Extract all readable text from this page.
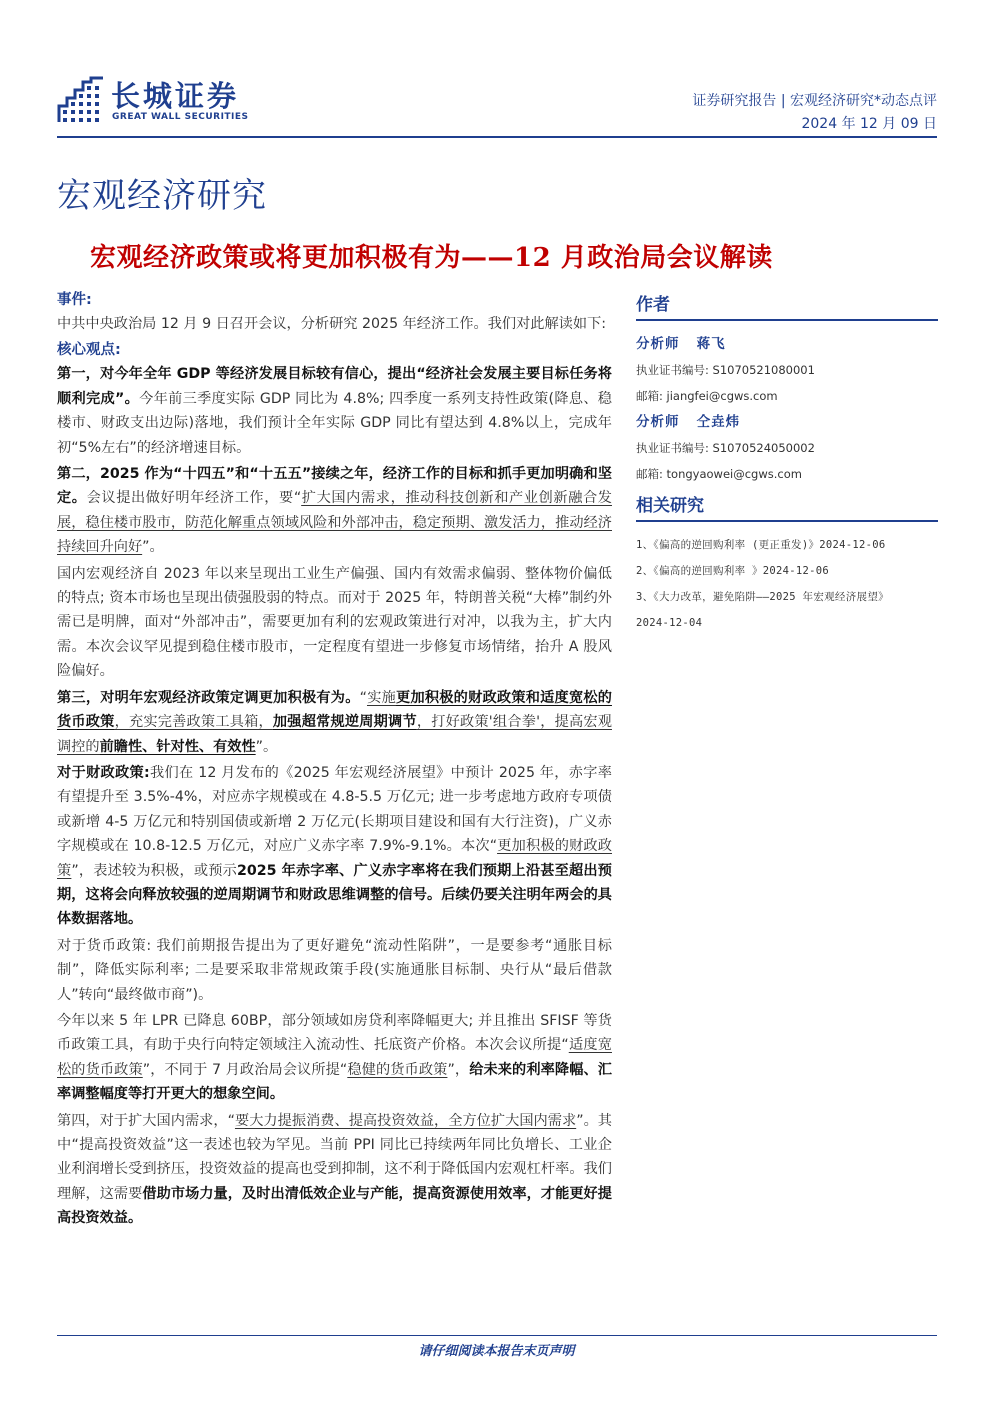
长城证券
GREAT WALL SECURITIES
证券研究报告 | 宏观经济研究*动态点评
2024 年 12 月 09 日
宏观经济研究
宏观经济政策或将更加积极有为——12 月政治局会议解读
事件:

中共中央政治局 12 月 9 日召开会议，分析研究 2025 年经济工作。我们对此解读如下:

核心观点:

第一，对今年全年 GDP 等经济发展目标较有信心，提出“经济社会发展主要目标任务将顺利完成”。今年前三季度实际 GDP 同比为 4.8%; 四季度一系列支持性政策(降息、稳楼市、财政支出边际)落地，我们预计全年实际 GDP 同比有望达到 4.8%以上，完成年初“5%左右”的经济增速目标。

第二，2025 作为“十四五”和“十五五”接续之年，经济工作的目标和抓手更加明确和坚定。会议提出做好明年经济工作，要“扩大国内需求，推动科技创新和产业创新融合发展，稳住楼市股市，防范化解重点领域风险和外部冲击，稳定预期、激发活力，推动经济持续回升向好”。

国内宏观经济自 2023 年以来呈现出工业生产偏强、国内有效需求偏弱、整体物价偏低的特点; 资本市场也呈现出债强股弱的特点。而对于 2025 年，特朗普关税“大棒”制约外需已是明牌，面对“外部冲击”，需要更加有利的宏观政策进行对冲，以我为主，扩大内需。本次会议罕见提到稳住楼市股市，一定程度有望进一步修复市场情绪，抬升 A 股风险偏好。

第三，对明年宏观经济政策定调更加积极有为。“实施更加积极的财政政策和适度宽松的货币政策，充实完善政策工具箱，加强超常规逆周期调节，打好政策'组合拳'，提高宏观调控的前瞻性、针对性、有效性”。

对于财政政策:我们在 12 月发布的《2025 年宏观经济展望》中预计 2025 年，赤字率有望提升至 3.5%-4%，对应赤字规模或在 4.8-5.5 万亿元; 进一步考虑地方政府专项债或新增 4-5 万亿元和特别国债或新增 2 万亿元(长期项目建设和国有大行注资)，广义赤字规模或在 10.8-12.5 万亿元，对应广义赤字率 7.9%-9.1%。本次“更加积极的财政政策”，表述较为积极，或预示2025 年赤字率、广义赤字率将在我们预期上沿甚至超出预期，这将会向释放较强的逆周期调节和财政思维调整的信号。后续仍要关注明年两会的具体数据落地。

对于货币政策: 我们前期报告提出为了更好避免“流动性陷阱”，一是要参考“通胀目标制”，降低实际利率; 二是要采取非常规政策手段(实施通胀目标制、央行从“最后借款人”转向“最终做市商”)。

今年以来 5 年 LPR 已降息 60BP，部分领域如房贷利率降幅更大; 并且推出 SFISF 等货币政策工具，有助于央行向特定领域注入流动性、托底资产价格。本次会议所提“适度宽松的货币政策”，不同于 7 月政治局会议所提“稳健的货币政策”，给未来的利率降幅、汇率调整幅度等打开更大的想象空间。

第四，对于扩大国内需求，“要大力提振消费、提高投资效益，全方位扩大国内需求”。其中“提高投资效益”这一表述也较为罕见。当前 PPI 同比已持续两年同比负增长、工业企业利润增长受到挤压，投资效益的提高也受到抑制，这不利于降低国内宏观杠杆率。我们理解，这需要借助市场力量，及时出清低效企业与产能，提高资源使用效率，才能更好提高投资效益。

作者
分析师 蒋飞
执业证书编号: S1070521080001
邮箱: jiangfei@cgws.com
分析师 仝垚炜
执业证书编号: S1070524050002
邮箱: tongyaowei@cgws.com
相关研究
1、《偏高的逆回购利率 (更正重发)》2024-12-06
2、《偏高的逆回购利率 》2024-12-06
3、《大力改革，避免陷阱——2025 年宏观经济展望》
2024-12-04
请仔细阅读本报告末页声明
